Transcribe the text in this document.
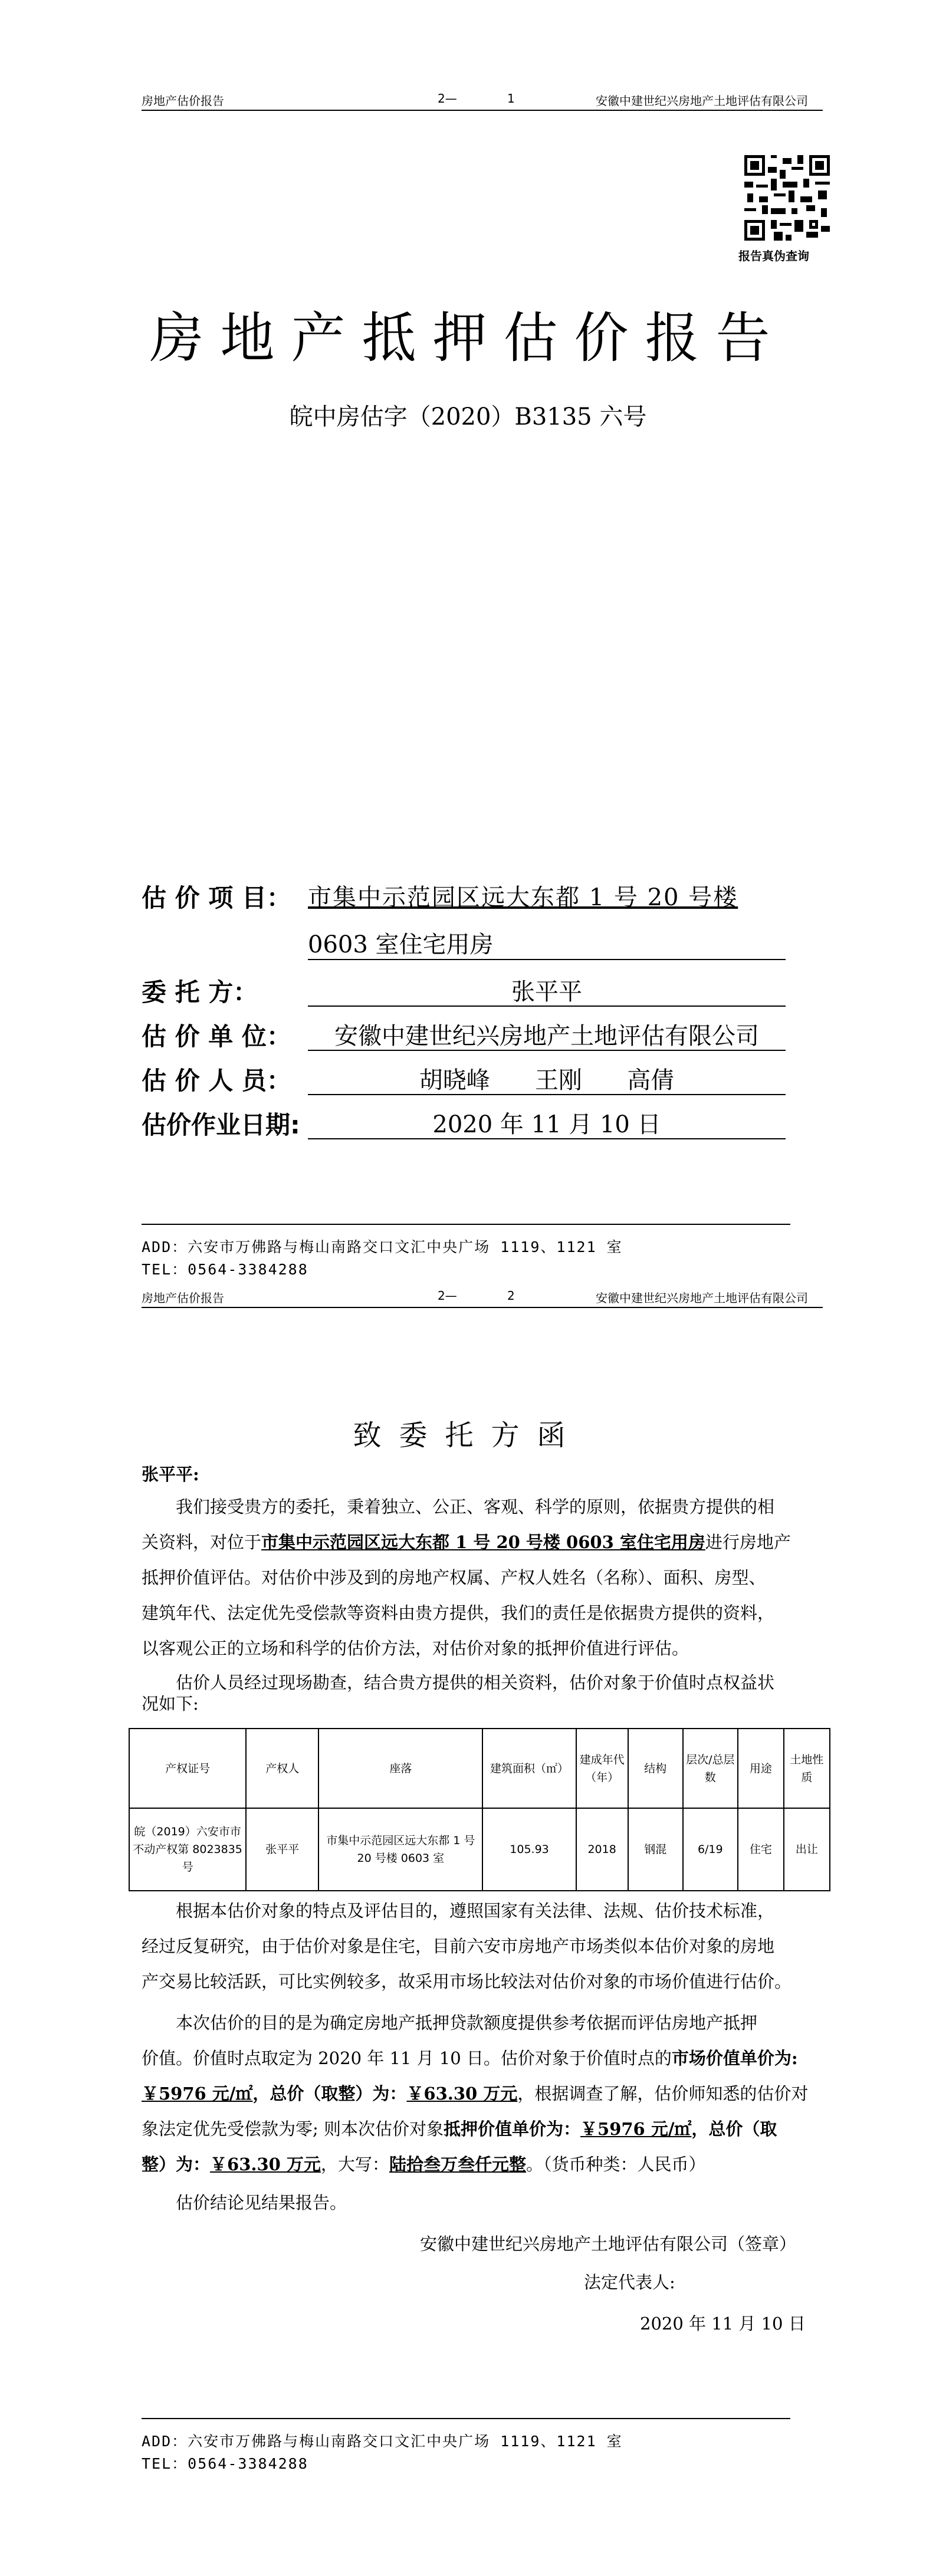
房地产估价报告	2—	1	安徽中建世纪兴房地产土地评估有限公司
报告真伪查询
房地产抵押估价报告
皖中房估字（2020）B3135 六号
估 价 项 目： 市集中示范园区远大东都 1 号 20 号楼
0603 室住宅用房
委 托 方：	张平平
估 价 单 位：	安徽中建世纪兴房地产土地评估有限公司
估 价 人 员：	胡晓峰      王刚      高倩
估价作业日期:	2020 年 11 月 10 日
ADD：六安市万佛路与梅山南路交口文汇中央广场 1119、1121 室
TEL：0564-3384288
房地产估价报告	2—	2	安徽中建世纪兴房地产土地评估有限公司
致委托方函
张平平:
我们接受贵方的委托，秉着独立、公正、客观、科学的原则，依据贵方提供的相
关资料，对位于市集中示范园区远大东都 1 号 20 号楼 0603 室住宅用房进行房地产
抵押价值评估。对估价中涉及到的房地产权属、产权人姓名（名称）、面积、房型、
建筑年代、法定优先受偿款等资料由贵方提供，我们的责任是依据贵方提供的资料，
以客观公正的立场和科学的估价方法，对估价对象的抵押价值进行评估。
估价人员经过现场勘查，结合贵方提供的相关资料，估价对象于价值时点权益状
况如下:
产权证号	产权人	座落	建筑面积（㎡）	建成年代（年）	结构	层次/总层数	用途	土地性质
皖（2019）六安市市不动产权第 8023835 号	张平平	市集中示范园区远大东都 1 号 20 号楼 0603 室	105.93	2018	钢混	6/19	住宅	出让
根据本估价对象的特点及评估目的，遵照国家有关法律、法规、估价技术标准，
经过反复研究，由于估价对象是住宅，目前六安市房地产市场类似本估价对象的房地
产交易比较活跃，可比实例较多，故采用市场比较法对估价对象的市场价值进行估价。
本次估价的目的是为确定房地产抵押贷款额度提供参考依据而评估房地产抵押
价值。价值时点取定为 2020 年 11 月 10 日。估价对象于价值时点的市场价值单价为:
￥5976 元/㎡，总价（取整）为：￥63.30 万元，根据调查了解，估价师知悉的估价对
象法定优先受偿款为零; 则本次估价对象抵押价值单价为：￥5976 元/㎡，总价（取
整）为：￥63.30 万元，大写：陆拾叁万叁仟元整。（货币种类：人民币）
估价结论见结果报告。
安徽中建世纪兴房地产土地评估有限公司（签章）
法定代表人:
2020 年 11 月 10 日
ADD：六安市万佛路与梅山南路交口文汇中央广场 1119、1121 室
TEL：0564-3384288
